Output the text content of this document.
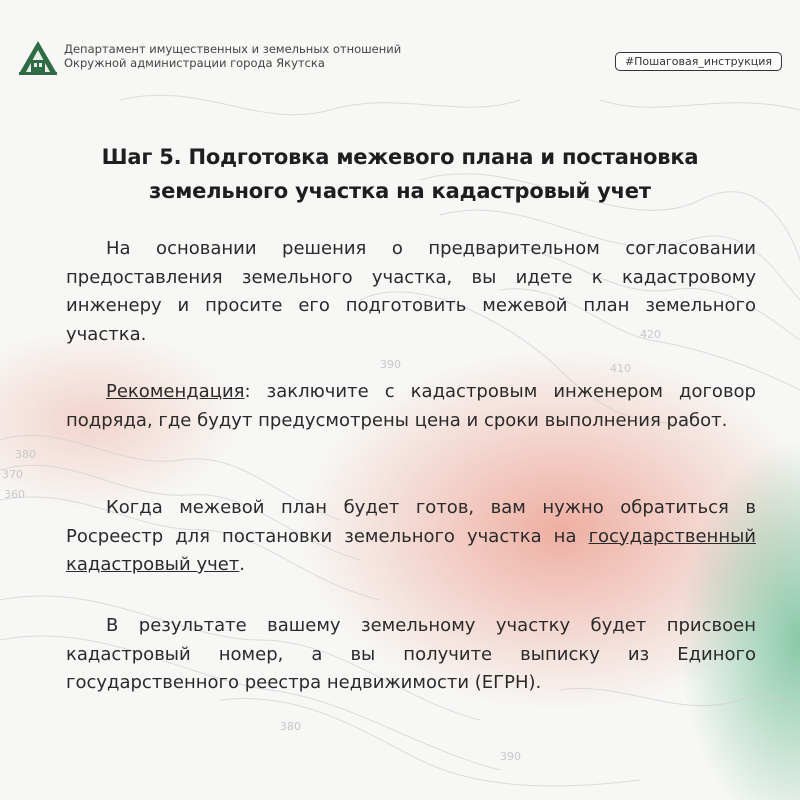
390	410
420
380
370
360
380
390
Департамент имущественных и земельных отношений
Окружной администрации города Якутска	#Пошаговая_инструкция
Шаг 5. Подготовка межевого плана и постановка
земельного участка на кадастровый учет
На основании решения о предварительном согласовании предоставления земельного участка, вы идете к кадастровому инженеру и просите его подготовить межевой план земельного участка.
Рекомендация: заключите с кадастровым инженером договор подряда, где будут предусмотрены цена и сроки выполнения работ.
Когда межевой план будет готов, вам нужно обратиться в Росреестр для постановки земельного участка на государственный кадастровый учет.
В результате вашему земельному участку будет присвоен кадастровый номер, а вы получите выписку из Единого государственного реестра недвижимости (ЕГРН).
